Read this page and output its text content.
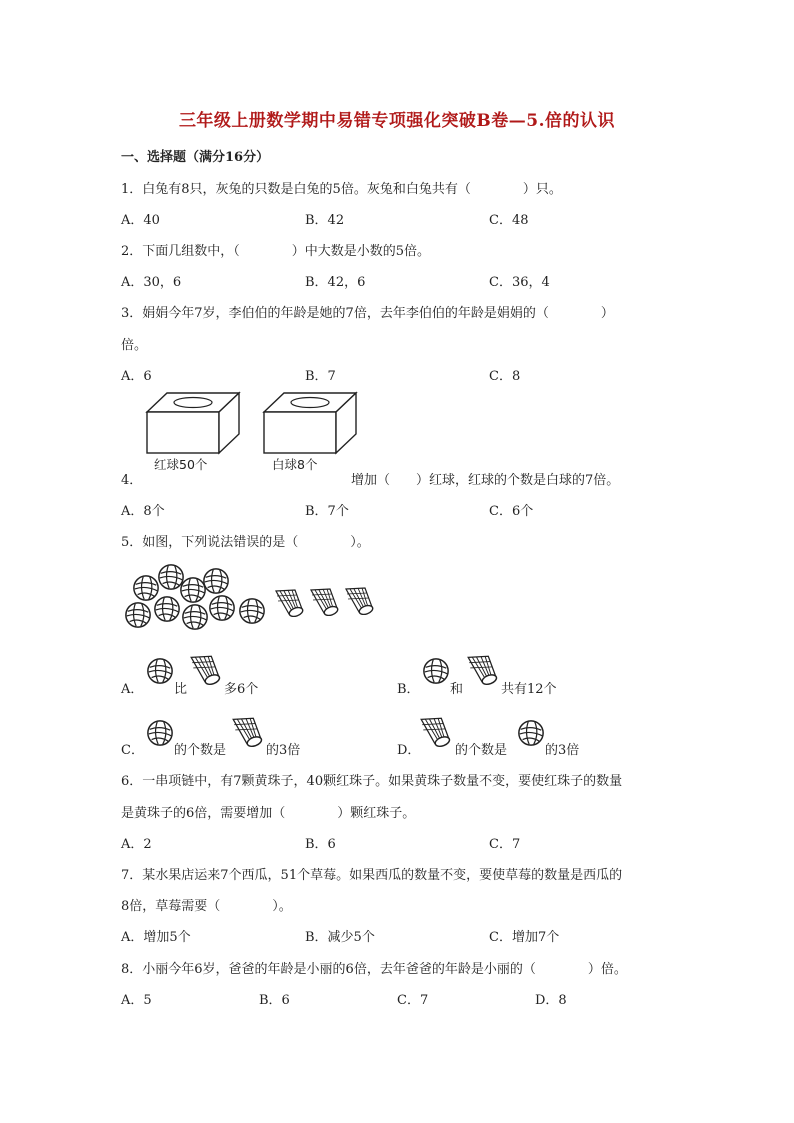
三年级上册数学期中易错专项强化突破B卷—5.倍的认识
一、选择题（满分16分）
1．白兔有8只，灰兔的只数是白兔的5倍。灰兔和白兔共有（　　　　）只。
A．40	B．42	C．48
2．下面几组数中，（　　　　）中大数是小数的5倍。
A．30，6	B．42，6	C．36，4
3．娟娟今年7岁，李伯伯的年龄是她的7倍，去年李伯伯的年龄是娟娟的（　　　　）
倍。
A．6	B．7	C．8
红球50个	白球8个
4．	增加（　　）红球，红球的个数是白球的7倍。
A．8个	B．7个	C．6个
5．如图，下列说法错误的是（　　　　）。
A． 比	多6个	B． 和	共有12个
C． 的个数是	的3倍	D．	的个数是	的3倍
6．一串项链中，有7颗黄珠子，40颗红珠子。如果黄珠子数量不变，要使红珠子的数量
是黄珠子的6倍，需要增加（　　　　）颗红珠子。
A．2	B．6	C．7
7．某水果店运来7个西瓜，51个草莓。如果西瓜的数量不变，要使草莓的数量是西瓜的
8倍，草莓需要（　　　　）。
A．增加5个	B．减少5个	C．增加7个
8．小丽今年6岁，爸爸的年龄是小丽的6倍，去年爸爸的年龄是小丽的（　　　　）倍。
A．5	B．6	C．7	D．8
